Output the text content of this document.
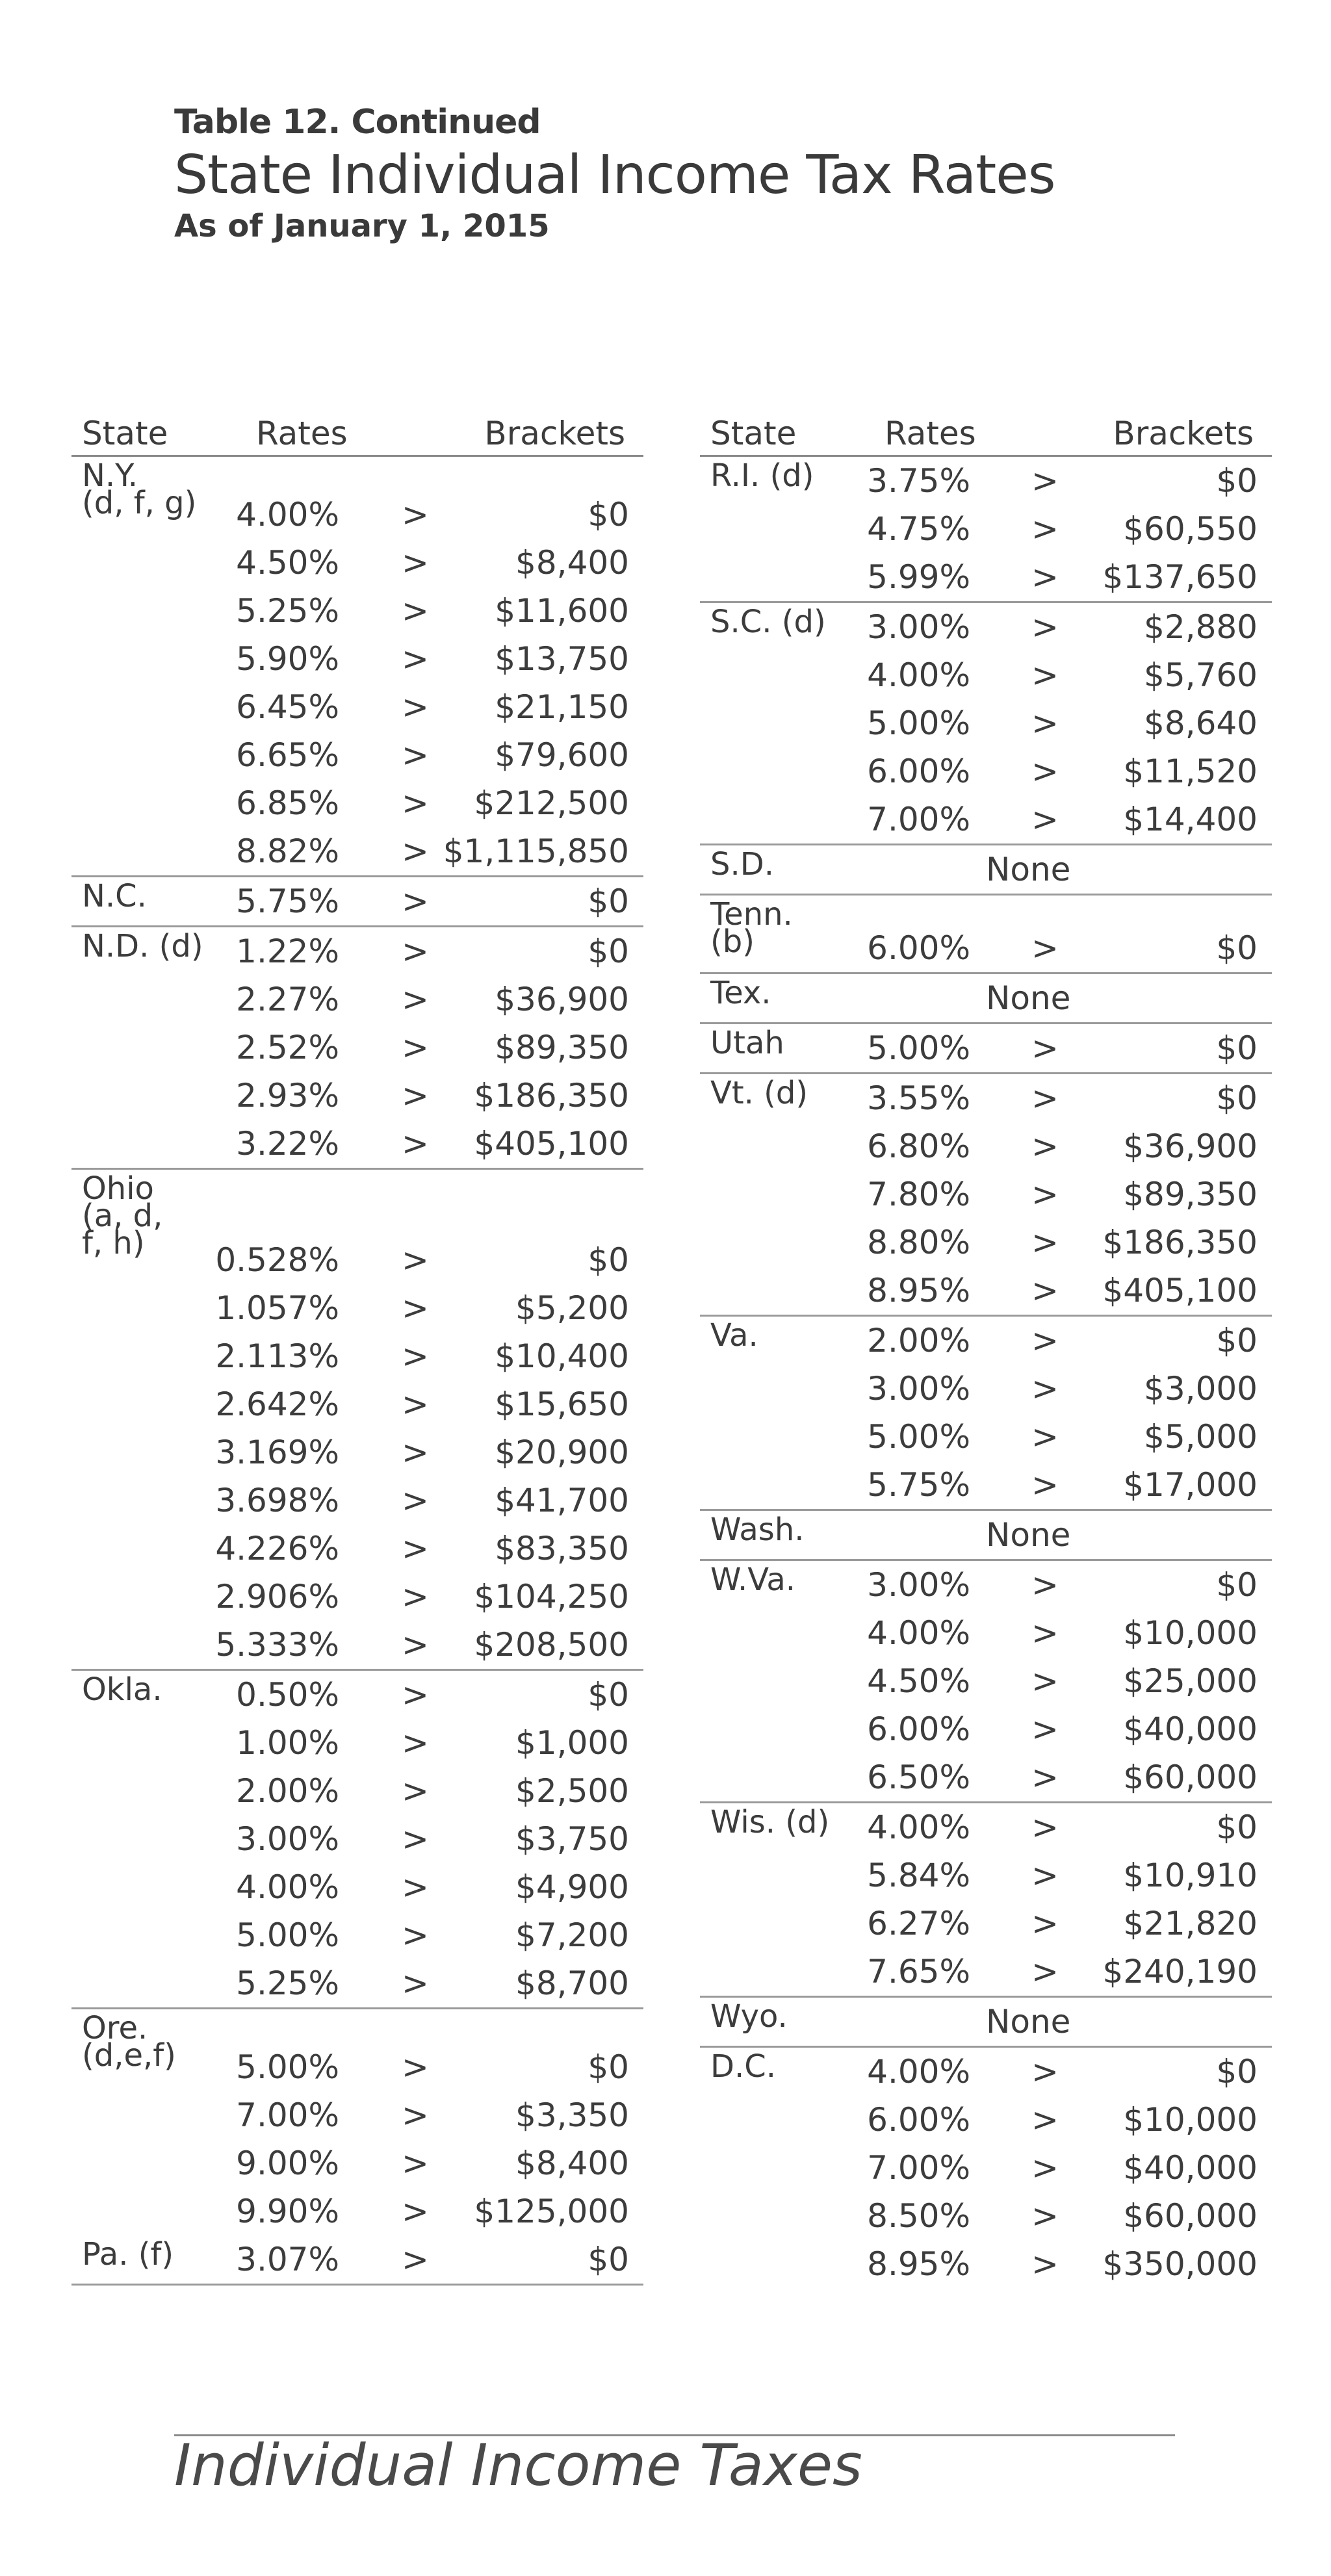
Table 12. Continued
State Individual Income Tax Rates
As of January 1, 2015
State	Rates	Brackets
N.Y.
(d, f, g) 4.00% >	$0
4.50% >	$8,400
5.25% > $11,600
5.90% > $13,750
6.45% > $21,150
6.65% > $79,600
6.85% > $212,500
8.82% > $1,115,850
N.C.	5.75% >	$0
N.D. (d) 1.22% >	$0
2.27% > $36,900
2.52% > $89,350
2.93% > $186,350
3.22% > $405,100
Ohio
(a, d,
f, h)	0.528% >	$0
1.057% >	$5,200
2.113% > $10,400
2.642% > $15,650
3.169% > $20,900
3.698% > $41,700
4.226% > $83,350
2.906% > $104,250
5.333% > $208,500
Okla. 0.50% >	$0
1.00% >	$1,000
2.00% >	$2,500
3.00% >	$3,750
4.00% >	$4,900
5.00% >	$7,200
5.25% >	$8,700
Ore.
(d,e,f) 5.00% >	$0
7.00% >	$3,350
9.00% >	$8,400
9.90% > $125,000
Pa. (f) 3.07% >	$0
State	Rates	Brackets
R.I. (d) 3.75% >	$0
4.75% > $60,550
5.99% > $137,650
S.C. (d) 3.00% >	$2,880
4.00% >	$5,760
5.00% >	$8,640
6.00% > $11,520
7.00% > $14,400
S.D.	None
Tenn.
(b)	6.00% >	$0
Tex.	None
Utah	5.00% >	$0
Vt. (d) 3.55% >	$0
6.80% > $36,900
7.80% > $89,350
8.80% > $186,350
8.95% > $405,100
Va.	2.00% >	$0
3.00% >	$3,000
5.00% >	$5,000
5.75% > $17,000
Wash.	None
W.Va. 3.00% >	$0
4.00% > $10,000
4.50% > $25,000
6.00% > $40,000
6.50% > $60,000
Wis. (d) 4.00% >	$0
5.84% > $10,910
6.27% > $21,820
7.65% > $240,190
Wyo.	None
D.C.	4.00% >	$0
6.00% > $10,000
7.00% > $40,000
8.50% > $60,000
8.95% > $350,000
Individual Income Taxes
